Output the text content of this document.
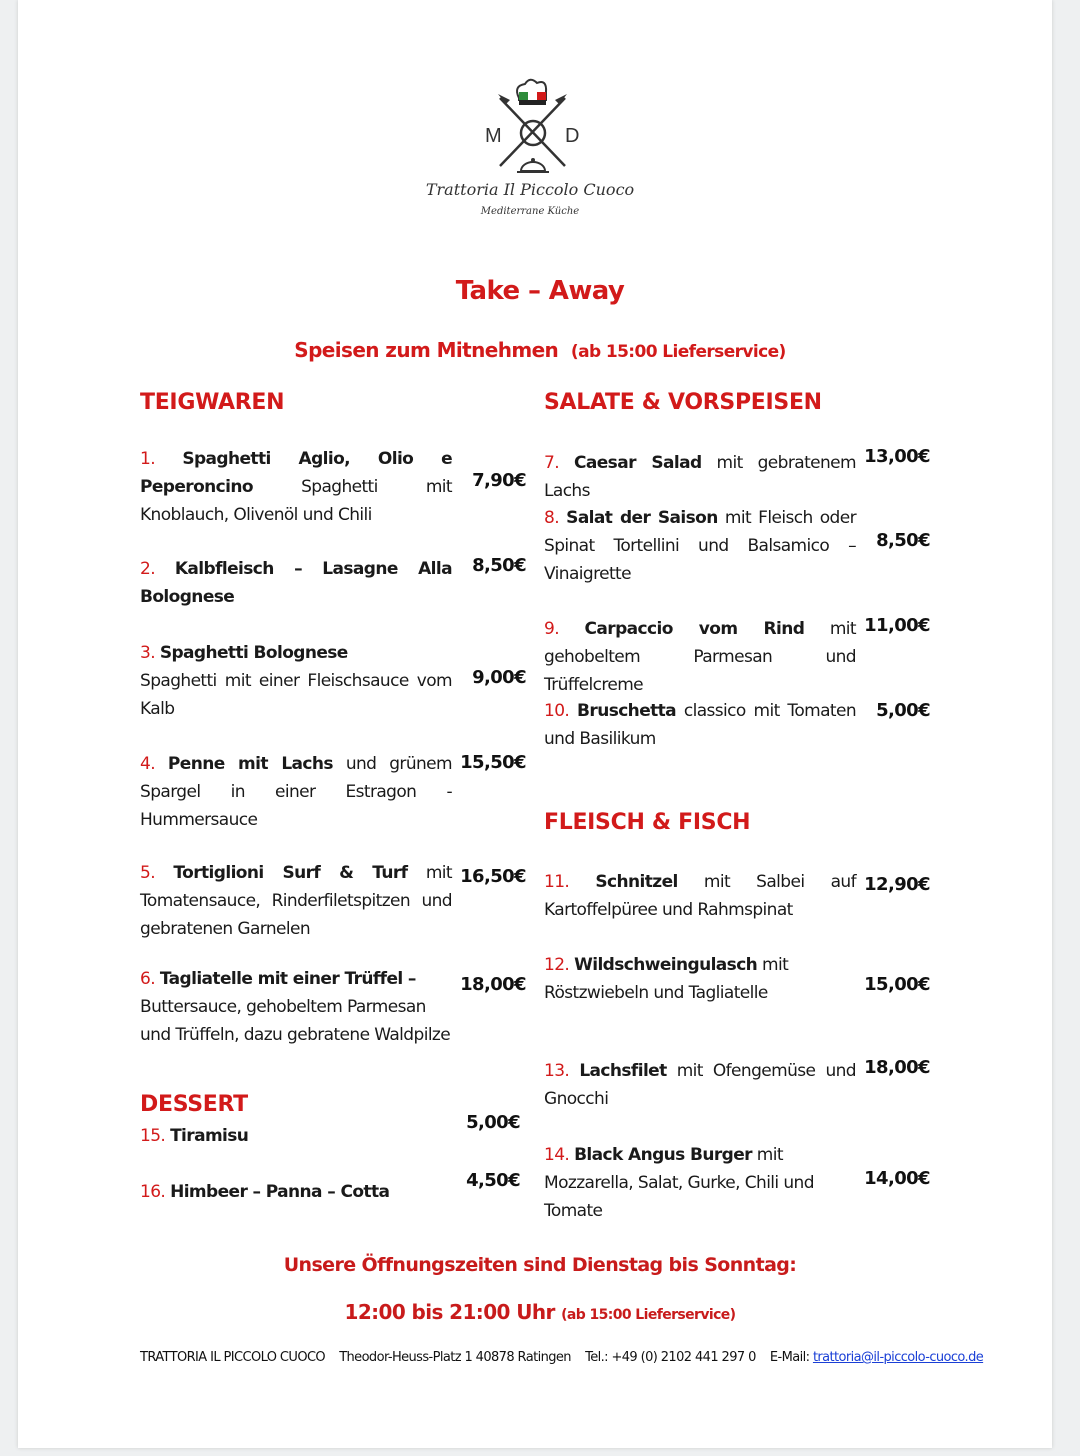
M	D
Trattoria Il Piccolo Cuoco
Mediterrane Küche
Take – Away
Speisen zum Mitnehmen (ab 15:00 Lieferservice)
TEIGWAREN	SALATE & VORSPEISEN
FLEISCH & FISCH
DESSERT
1. Spaghetti Aglio, Olio e Peperoncino	Spaghetti mit Knoblauch, Olivenöl und Chili
7,90€
2. Kalbfleisch – Lasagne Alla Bolognese
8,50€
3. Spaghetti Bolognese
Spaghetti mit einer Fleischsauce vom Kalb
9,00€
4. Penne mit Lachs und grünem Spargel in einer Estragon - Hummersauce
15,50€
5. Tortiglioni Surf & Turf mit Tomatensauce, Rinderfiletspitzen und gebratenen Garnelen
16,50€
6. Tagliatelle mit einer Trüffel – Buttersauce, gehobeltem Parmesan und Trüffeln, dazu gebratene Waldpilze
18,00€
15. Tiramisu
5,00€
16. Himbeer – Panna – Cotta
4,50€
7. Caesar Salad mit gebratenem Lachs
13,00€
8. Salat der Saison mit Fleisch oder Spinat Tortellini und Balsamico – Vinaigrette
8,50€
9. Carpaccio vom Rind mit gehobeltem Parmesan und Trüffelcreme
11,00€
10. Bruschetta classico mit Tomaten und Basilikum
5,00€
11. Schnitzel mit Salbei auf Kartoffelpüree und Rahmspinat
12,90€
12. Wildschweingulasch mit Röstzwiebeln und Tagliatelle	15,00€
13. Lachsfilet mit Ofengemüse und Gnocchi
18,00€
14. Black Angus Burger mit Mozzarella, Salat, Gurke, Chili und Tomate
14,00€
Unsere Öffnungszeiten sind Dienstag bis Sonntag:
12:00 bis 21:00 Uhr (ab 15:00 Lieferservice)
TRATTORIA IL PICCOLO CUOCO Theodor-Heuss-Platz 1 40878 Ratingen Tel.: +49 (0) 2102 441 297 0 E-Mail: trattoria@il-piccolo-cuoco.de
